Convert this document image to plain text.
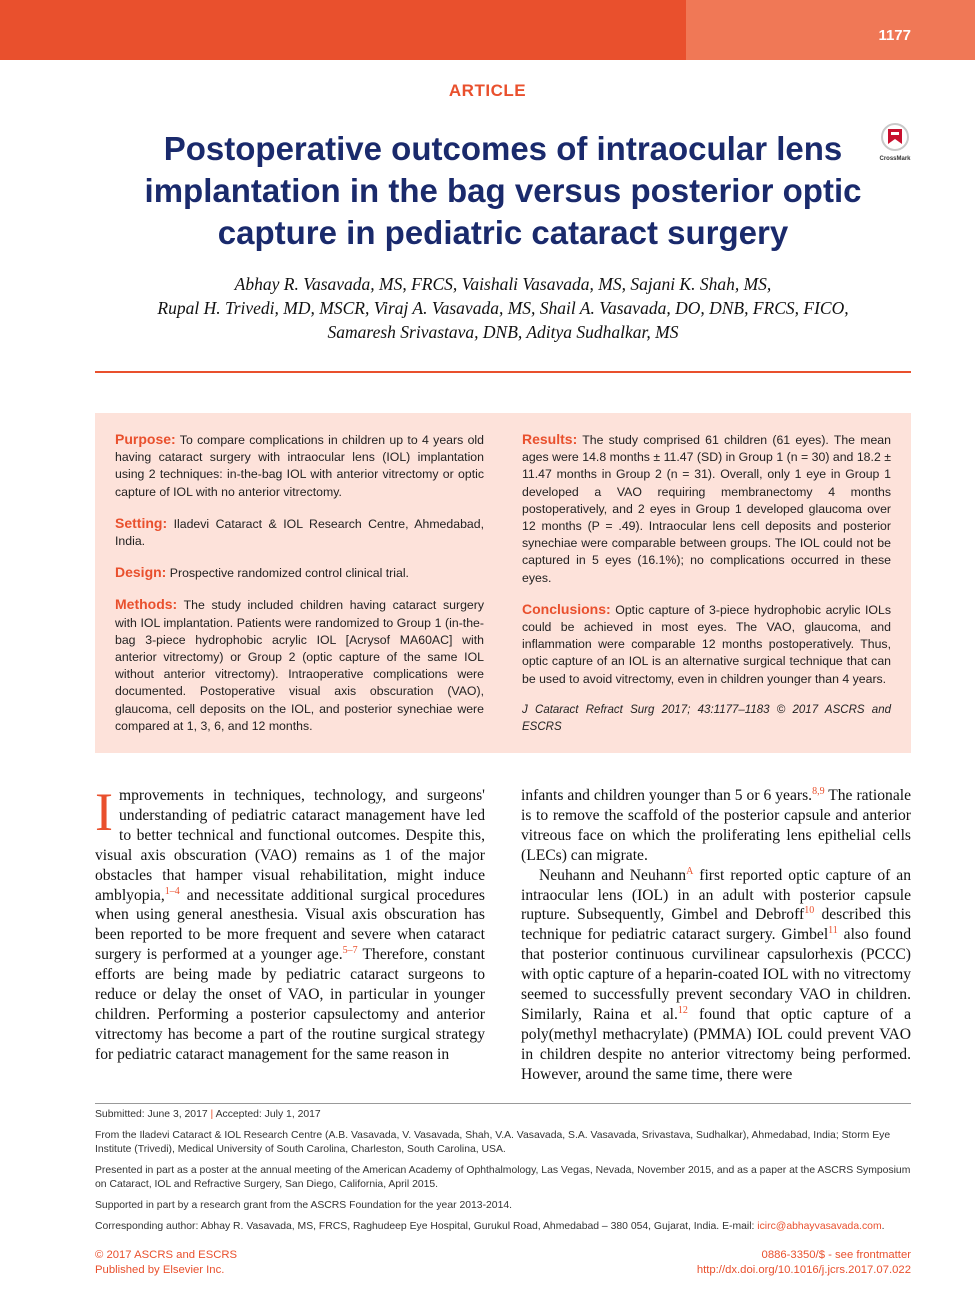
1177
ARTICLE
Postoperative outcomes of intraocular lens implantation in the bag versus posterior optic capture in pediatric cataract surgery
CrossMark
Abhay R. Vasavada, MS, FRCS, Vaishali Vasavada, MS, Sajani K. Shah, MS,
Rupal H. Trivedi, MD, MSCR, Viraj A. Vasavada, MS, Shail A. Vasavada, DO, DNB, FRCS, FICO,
Samaresh Srivastava, DNB, Aditya Sudhalkar, MS

Purpose: To compare complications in children up to 4 years old having cataract surgery with intraocular lens (IOL) implantation using 2 techniques: in-the-bag IOL with anterior vitrectomy or optic capture of IOL with no anterior vitrectomy.

Setting: Iladevi Cataract & IOL Research Centre, Ahmedabad, India.

Design: Prospective randomized control clinical trial.

Methods: The study included children having cataract surgery with IOL implantation. Patients were randomized to Group 1 (in-the-bag 3-piece hydrophobic acrylic IOL [Acrysof MA60AC] with anterior vitrectomy) or Group 2 (optic capture of the same IOL without anterior vitrectomy). Intraoperative complications were documented. Postoperative visual axis obscuration (VAO), glaucoma, cell deposits on the IOL, and posterior synechiae were compared at 1, 3, 6, and 12 months.

Results: The study comprised 61 children (61 eyes). The mean ages were 14.8 months ± 11.47 (SD) in Group 1 (n = 30) and 18.2 ± 11.47 months in Group 2 (n = 31). Overall, only 1 eye in Group 1 developed a VAO requiring membranectomy 4 months postoperatively, and 2 eyes in Group 1 developed glaucoma over 12 months (P = .49). Intraocular lens cell deposits and posterior synechiae were comparable between groups. The IOL could not be captured in 5 eyes (16.1%); no complications occurred in these eyes.

Conclusions: Optic capture of 3-piece hydrophobic acrylic IOLs could be achieved in most eyes. The VAO, glaucoma, and inflammation were comparable 12 months postoperatively. Thus, optic capture of an IOL is an alternative surgical technique that can be used to avoid vitrectomy, even in children younger than 4 years.

J Cataract Refract Surg 2017; 43:1177–1183 © 2017 ASCRS and ESCRS

Improvements in techniques, technology, and surgeons' understanding of pediatric cataract management have led to better technical and functional outcomes. Despite this, visual axis obscuration (VAO) remains as 1 of the major obstacles that hamper visual rehabilitation, might induce amblyopia,$^{1-4}$ and necessitate additional surgical procedures when using general anesthesia. Visual axis obscuration has been reported to be more frequent and severe when cataract surgery is performed at a younger age.$^{5-7}$ Therefore, constant efforts are being made by pediatric cataract surgeons to reduce or delay the onset of VAO, in particular in younger children. Performing a posterior capsulectomy and anterior vitrectomy has become a part of the routine surgical strategy for pediatric cataract management for the same reason in

infants and children younger than 5 or 6 years.$^{8,9}$ The rationale is to remove the scaffold of the posterior capsule and anterior vitreous face on which the proliferating lens epithelial cells (LECs) can migrate.

Neuhann and Neuhann$^A$ first reported optic capture of an intraocular lens (IOL) in an adult with posterior capsule rupture. Subsequently, Gimbel and Debroff$^{10}$ described this technique for pediatric cataract surgery. Gimbel$^{11}$ also found that posterior continuous curvilinear capsulorhexis (PCCC) with optic capture of a heparin-coated IOL with no vitrectomy seemed to successfully prevent secondary VAO in children. Similarly, Raina et al.$^{12}$ found that optic capture of a poly(methyl methacrylate) (PMMA) IOL could prevent VAO in children despite no anterior vitrectomy being performed. However, around the same time, there were

Submitted: June 3, 2017 | Accepted: July 1, 2017

From the Iladevi Cataract & IOL Research Centre (A.B. Vasavada, V. Vasavada, Shah, V.A. Vasavada, S.A. Vasavada, Srivastava, Sudhalkar), Ahmedabad, India; Storm Eye Institute (Trivedi), Medical University of South Carolina, Charleston, South Carolina, USA.

Presented in part as a poster at the annual meeting of the American Academy of Ophthalmology, Las Vegas, Nevada, November 2015, and as a paper at the ASCRS Symposium on Cataract, IOL and Refractive Surgery, San Diego, California, April 2015.

Supported in part by a research grant from the ASCRS Foundation for the year 2013-2014.

Corresponding author: Abhay R. Vasavada, MS, FRCS, Raghudeep Eye Hospital, Gurukul Road, Ahmedabad – 380 054, Gujarat, India. E-mail: icirc@abhayvasavada.com.

© 2017 ASCRS and ESCRS
Published by Elsevier Inc.
0886-3350/$ - see frontmatter
http://dx.doi.org/10.1016/j.jcrs.2017.07.022
